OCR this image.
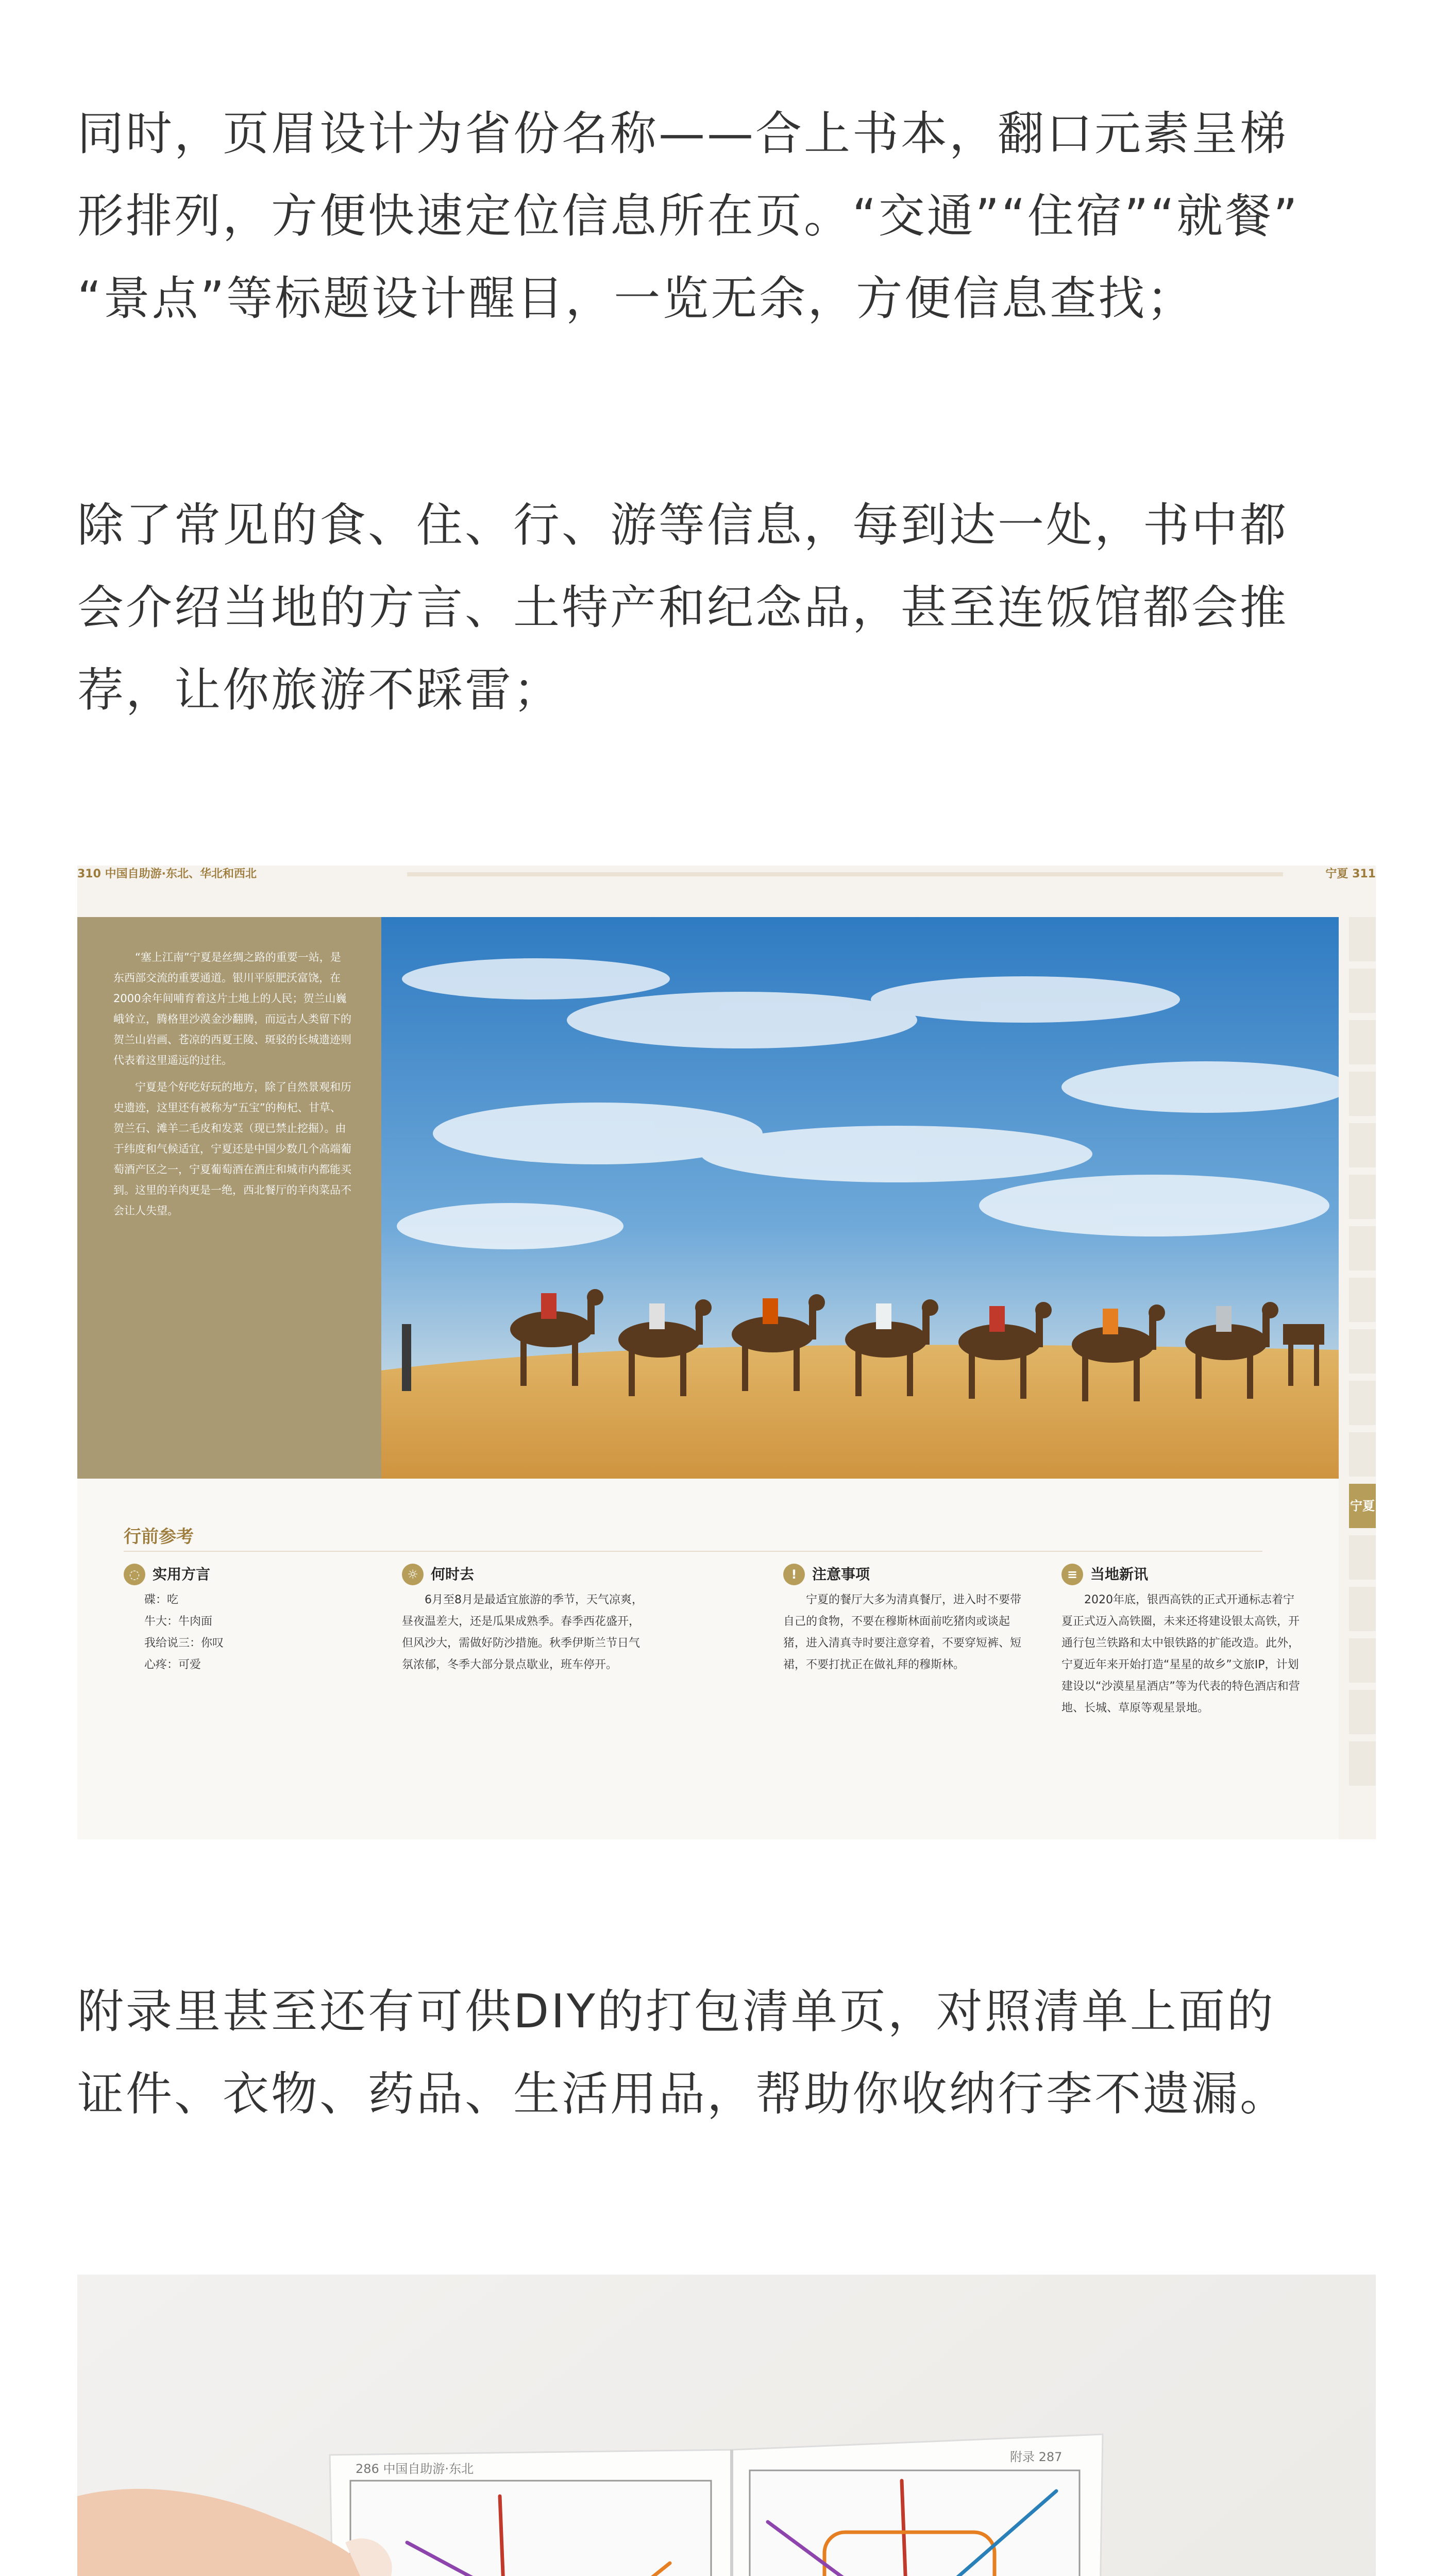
同时，页眉设计为省份名称——合上书本，翻口元素呈梯

形排列，方便快速定位信息所在页。“交通”“住宿”“就餐”

“景点”等标题设计醒目，一览无余，方便信息查找；

除了常见的食、住、行、游等信息，每到达一处，书中都

会介绍当地的方言、土特产和纪念品，甚至连饭馆都会推

荐，让你旅游不踩雷；

310 中国自助游·东北、华北和西北	宁夏 311

“塞上江南”宁夏是丝绸之路的重要一站，是东西部交流的重要通道。银川平原肥沃富饶，在2000余年间哺育着这片土地上的人民；贺兰山巍峨耸立，腾格里沙漠金沙翻腾，而远古人类留下的贺兰山岩画、苍凉的西夏王陵、斑驳的长城遗迹则代表着这里遥远的过往。

宁夏是个好吃好玩的地方，除了自然景观和历史遗迹，这里还有被称为“五宝”的枸杞、甘草、贺兰石、滩羊二毛皮和发菜（现已禁止挖掘）。由于纬度和气候适宜，宁夏还是中国少数几个高端葡萄酒产区之一，宁夏葡萄酒在酒庄和城市内都能买到。这里的羊肉更是一绝，西北餐厅的羊肉菜品不会让人失望。

宁夏
行前参考
◌ 实用方言

碟：吃

牛大：牛肉面

我给说三：你叹

心疼：可爱

☼ 何时去

6月至8月是最适宜旅游的季节，天气凉爽，昼夜温差大，还是瓜果成熟季。春季西花盛开，但风沙大，需做好防沙措施。秋季伊斯兰节日气氛浓郁，冬季大部分景点歇业，班车停开。

!	注意事项

宁夏的餐厅大多为清真餐厅，进入时不要带自己的食物，不要在穆斯林面前吃猪肉或谈起猪，进入清真寺时要注意穿着，不要穿短裤、短裙，不要打扰正在做礼拜的穆斯林。

≡ 当地新讯

2020年底，银西高铁的正式开通标志着宁夏正式迈入高铁圈，未来还将建设银太高铁，开通行包兰铁路和太中银铁路的扩能改造。此外，宁夏近年来开始打造“星星的故乡”文旅IP，计划建设以“沙漠星星酒店”等为代表的特色酒店和营地、长城、草原等观星景地。

附录里甚至还有可供DIY的打包清单页，对照清单上面的

证件、衣物、药品、生活用品，帮助你收纳行李不遗漏。

286 中国自助游·东北
附录 287
